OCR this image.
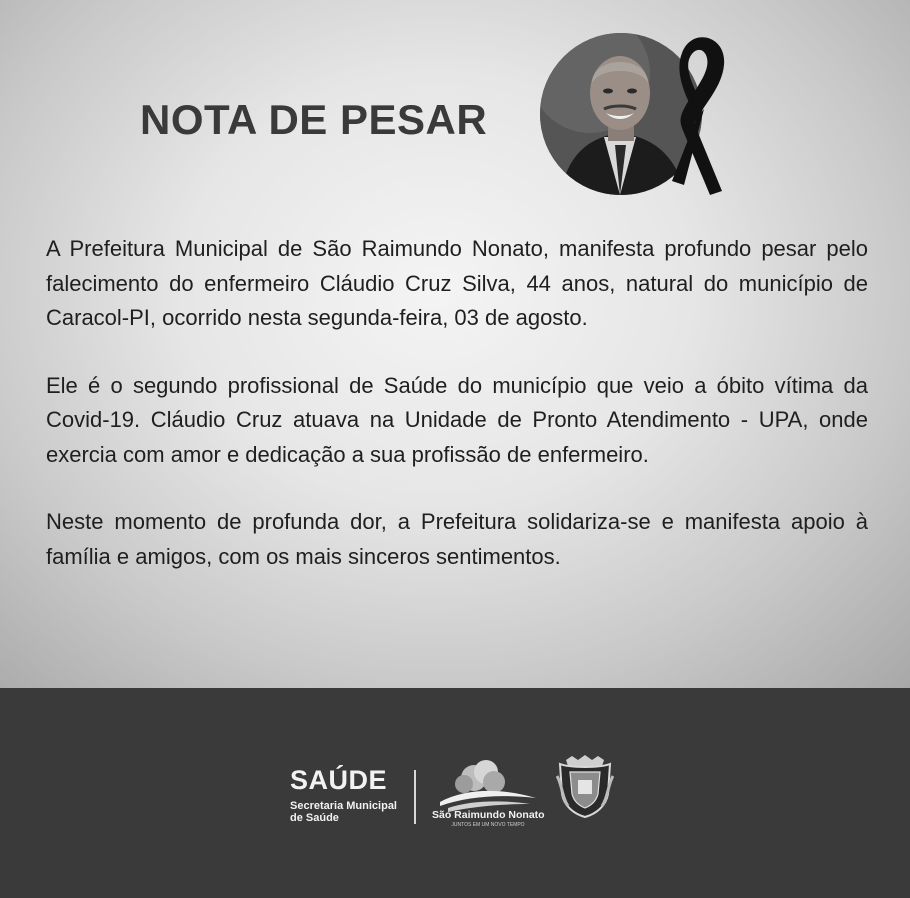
NOTA DE PESAR

A Prefeitura Municipal de São Raimundo Nonato, manifesta profundo pesar pelo falecimento do enfermeiro Cláudio Cruz Silva, 44 anos, natural do município de Caracol-PI, ocorrido nesta segunda-feira, 03 de agosto.

Ele é o segundo profissional de Saúde do município que veio a óbito vítima da Covid-19. Cláudio Cruz atuava na Unidade de Pronto Atendimento - UPA, onde exercia com amor e dedicação a sua profissão de enfermeiro.

Neste momento de profunda dor, a Prefeitura solidariza-se e manifesta apoio à família e amigos, com os mais sinceros sentimentos.

SAÚDE
Secretaria Municipal
de Saúde	São Raimundo Nonato
JUNTOS EM UM NOVO TEMPO
